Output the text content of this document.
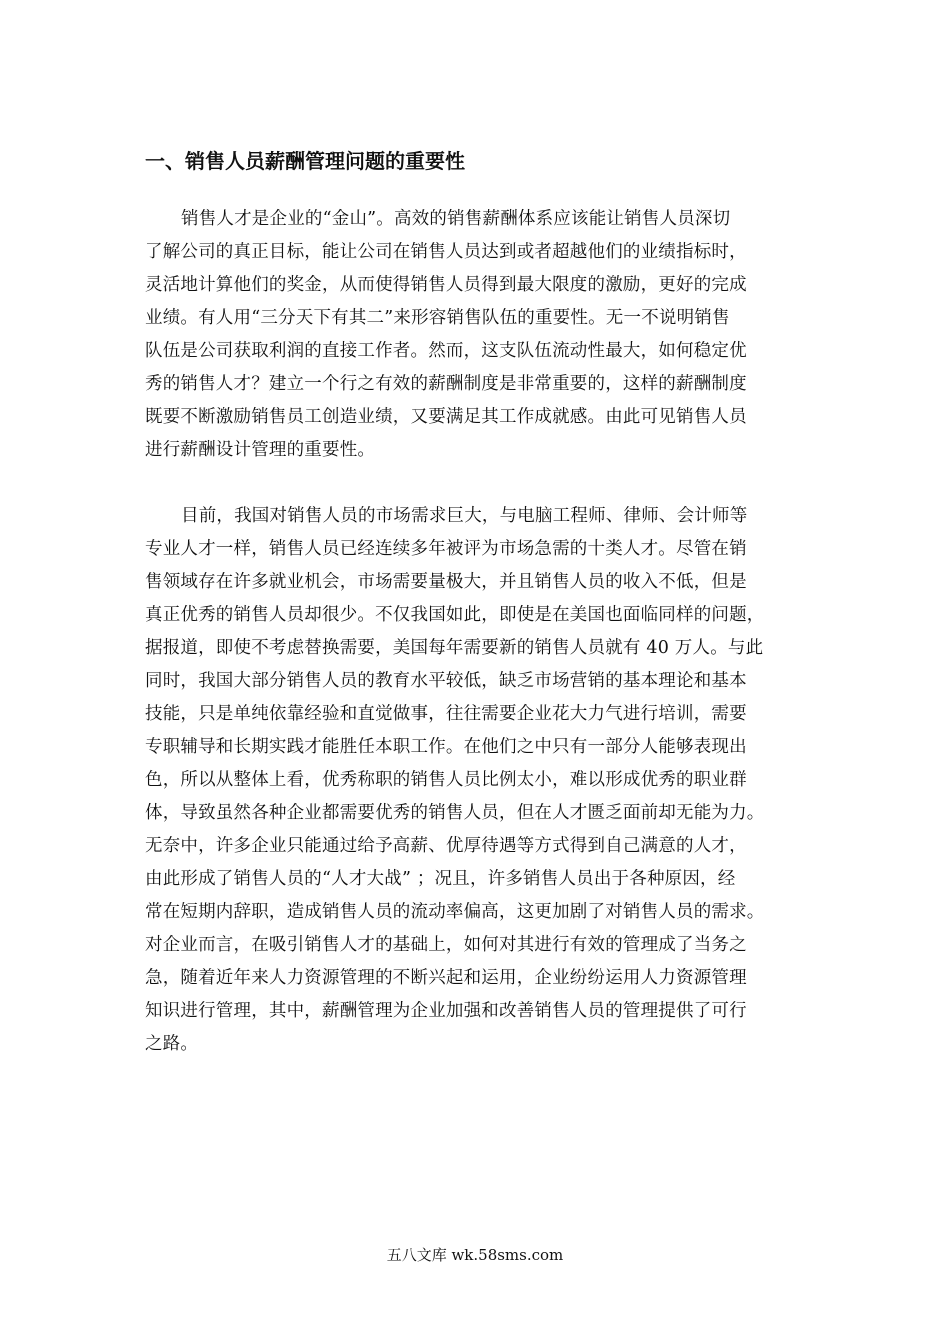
一、销售人员薪酬管理问题的重要性
销售人才是企业的“金山”。高效的销售薪酬体系应该能让销售人员深切
了解公司的真正目标，能让公司在销售人员达到或者超越他们的业绩指标时，
灵活地计算他们的奖金，从而使得销售人员得到最大限度的激励，更好的完成
业绩。有人用“三分天下有其二”来形容销售队伍的重要性。无一不说明销售
队伍是公司获取利润的直接工作者。然而，这支队伍流动性最大，如何稳定优
秀的销售人才？建立一个行之有效的薪酬制度是非常重要的，这样的薪酬制度
既要不断激励销售员工创造业绩，又要满足其工作成就感。由此可见销售人员
进行薪酬设计管理的重要性。
目前，我国对销售人员的市场需求巨大，与电脑工程师、律师、会计师等
专业人才一样，销售人员已经连续多年被评为市场急需的十类人才。尽管在销
售领域存在许多就业机会，市场需要量极大，并且销售人员的收入不低，但是
真正优秀的销售人员却很少。不仅我国如此，即使是在美国也面临同样的问题，
据报道，即使不考虑替换需要，美国每年需要新的销售人员就有 40 万人。与此
同时，我国大部分销售人员的教育水平较低，缺乏市场营销的基本理论和基本
技能，只是单纯依靠经验和直觉做事，往往需要企业花大力气进行培训，需要
专职辅导和长期实践才能胜任本职工作。在他们之中只有一部分人能够表现出
色，所以从整体上看，优秀称职的销售人员比例太小，难以形成优秀的职业群
体，导致虽然各种企业都需要优秀的销售人员，但在人才匮乏面前却无能为力。
无奈中，许多企业只能通过给予高薪、优厚待遇等方式得到自己满意的人才，
由此形成了销售人员的“人才大战” ；况且，许多销售人员出于各种原因，经
常在短期内辞职，造成销售人员的流动率偏高，这更加剧了对销售人员的需求。
对企业而言，在吸引销售人才的基础上，如何对其进行有效的管理成了当务之
急，随着近年来人力资源管理的不断兴起和运用，企业纷纷运用人力资源管理
知识进行管理，其中，薪酬管理为企业加强和改善销售人员的管理提供了可行
之路。
五八文库 wk.58sms.com
